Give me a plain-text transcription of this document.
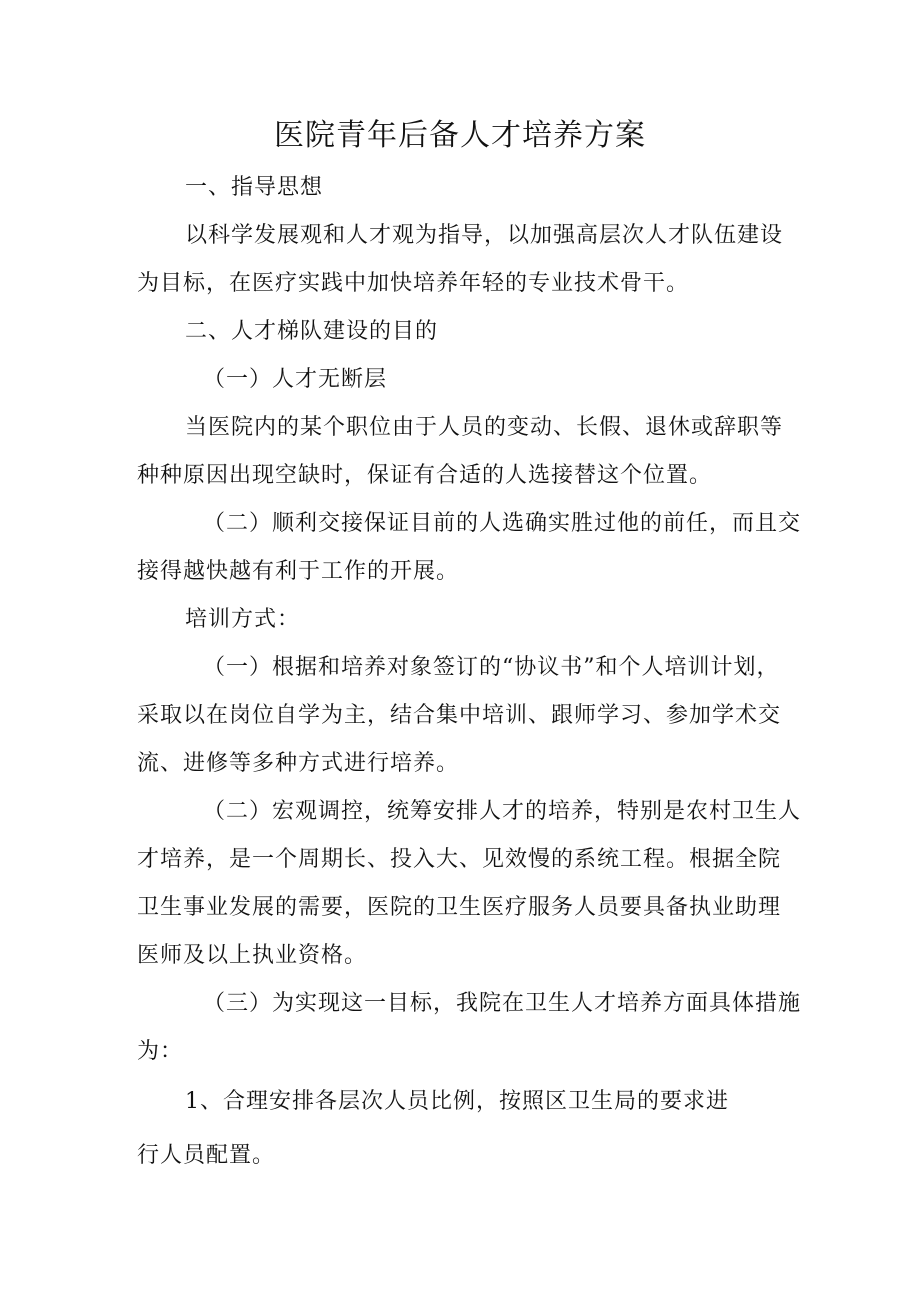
医院青年后备人才培养方案
一、指导思想
以科学发展观和人才观为指导，以加强高层次人才队伍建设
为目标，在医疗实践中加快培养年轻的专业技术骨干。
二、人才梯队建设的目的
（一）人才无断层
当医院内的某个职位由于人员的变动、长假、退休或辞职等
种种原因出现空缺时，保证有合适的人选接替这个位置。
（二）顺利交接保证目前的人选确实胜过他的前任，而且交
接得越快越有利于工作的开展。
培训方式：
（一）根据和培养对象签订的“协议书”和个人培训计划，
采取以在岗位自学为主，结合集中培训、跟师学习、参加学术交
流、进修等多种方式进行培养。
（二）宏观调控，统筹安排人才的培养，特别是农村卫生人
才培养，是一个周期长、投入大、见效慢的系统工程。根据全院
卫生事业发展的需要，医院的卫生医疗服务人员要具备执业助理
医师及以上执业资格。
（三）为实现这一目标，我院在卫生人才培养方面具体措施
为：
1、合理安排各层次人员比例，按照区卫生局的要求进
行人员配置。
